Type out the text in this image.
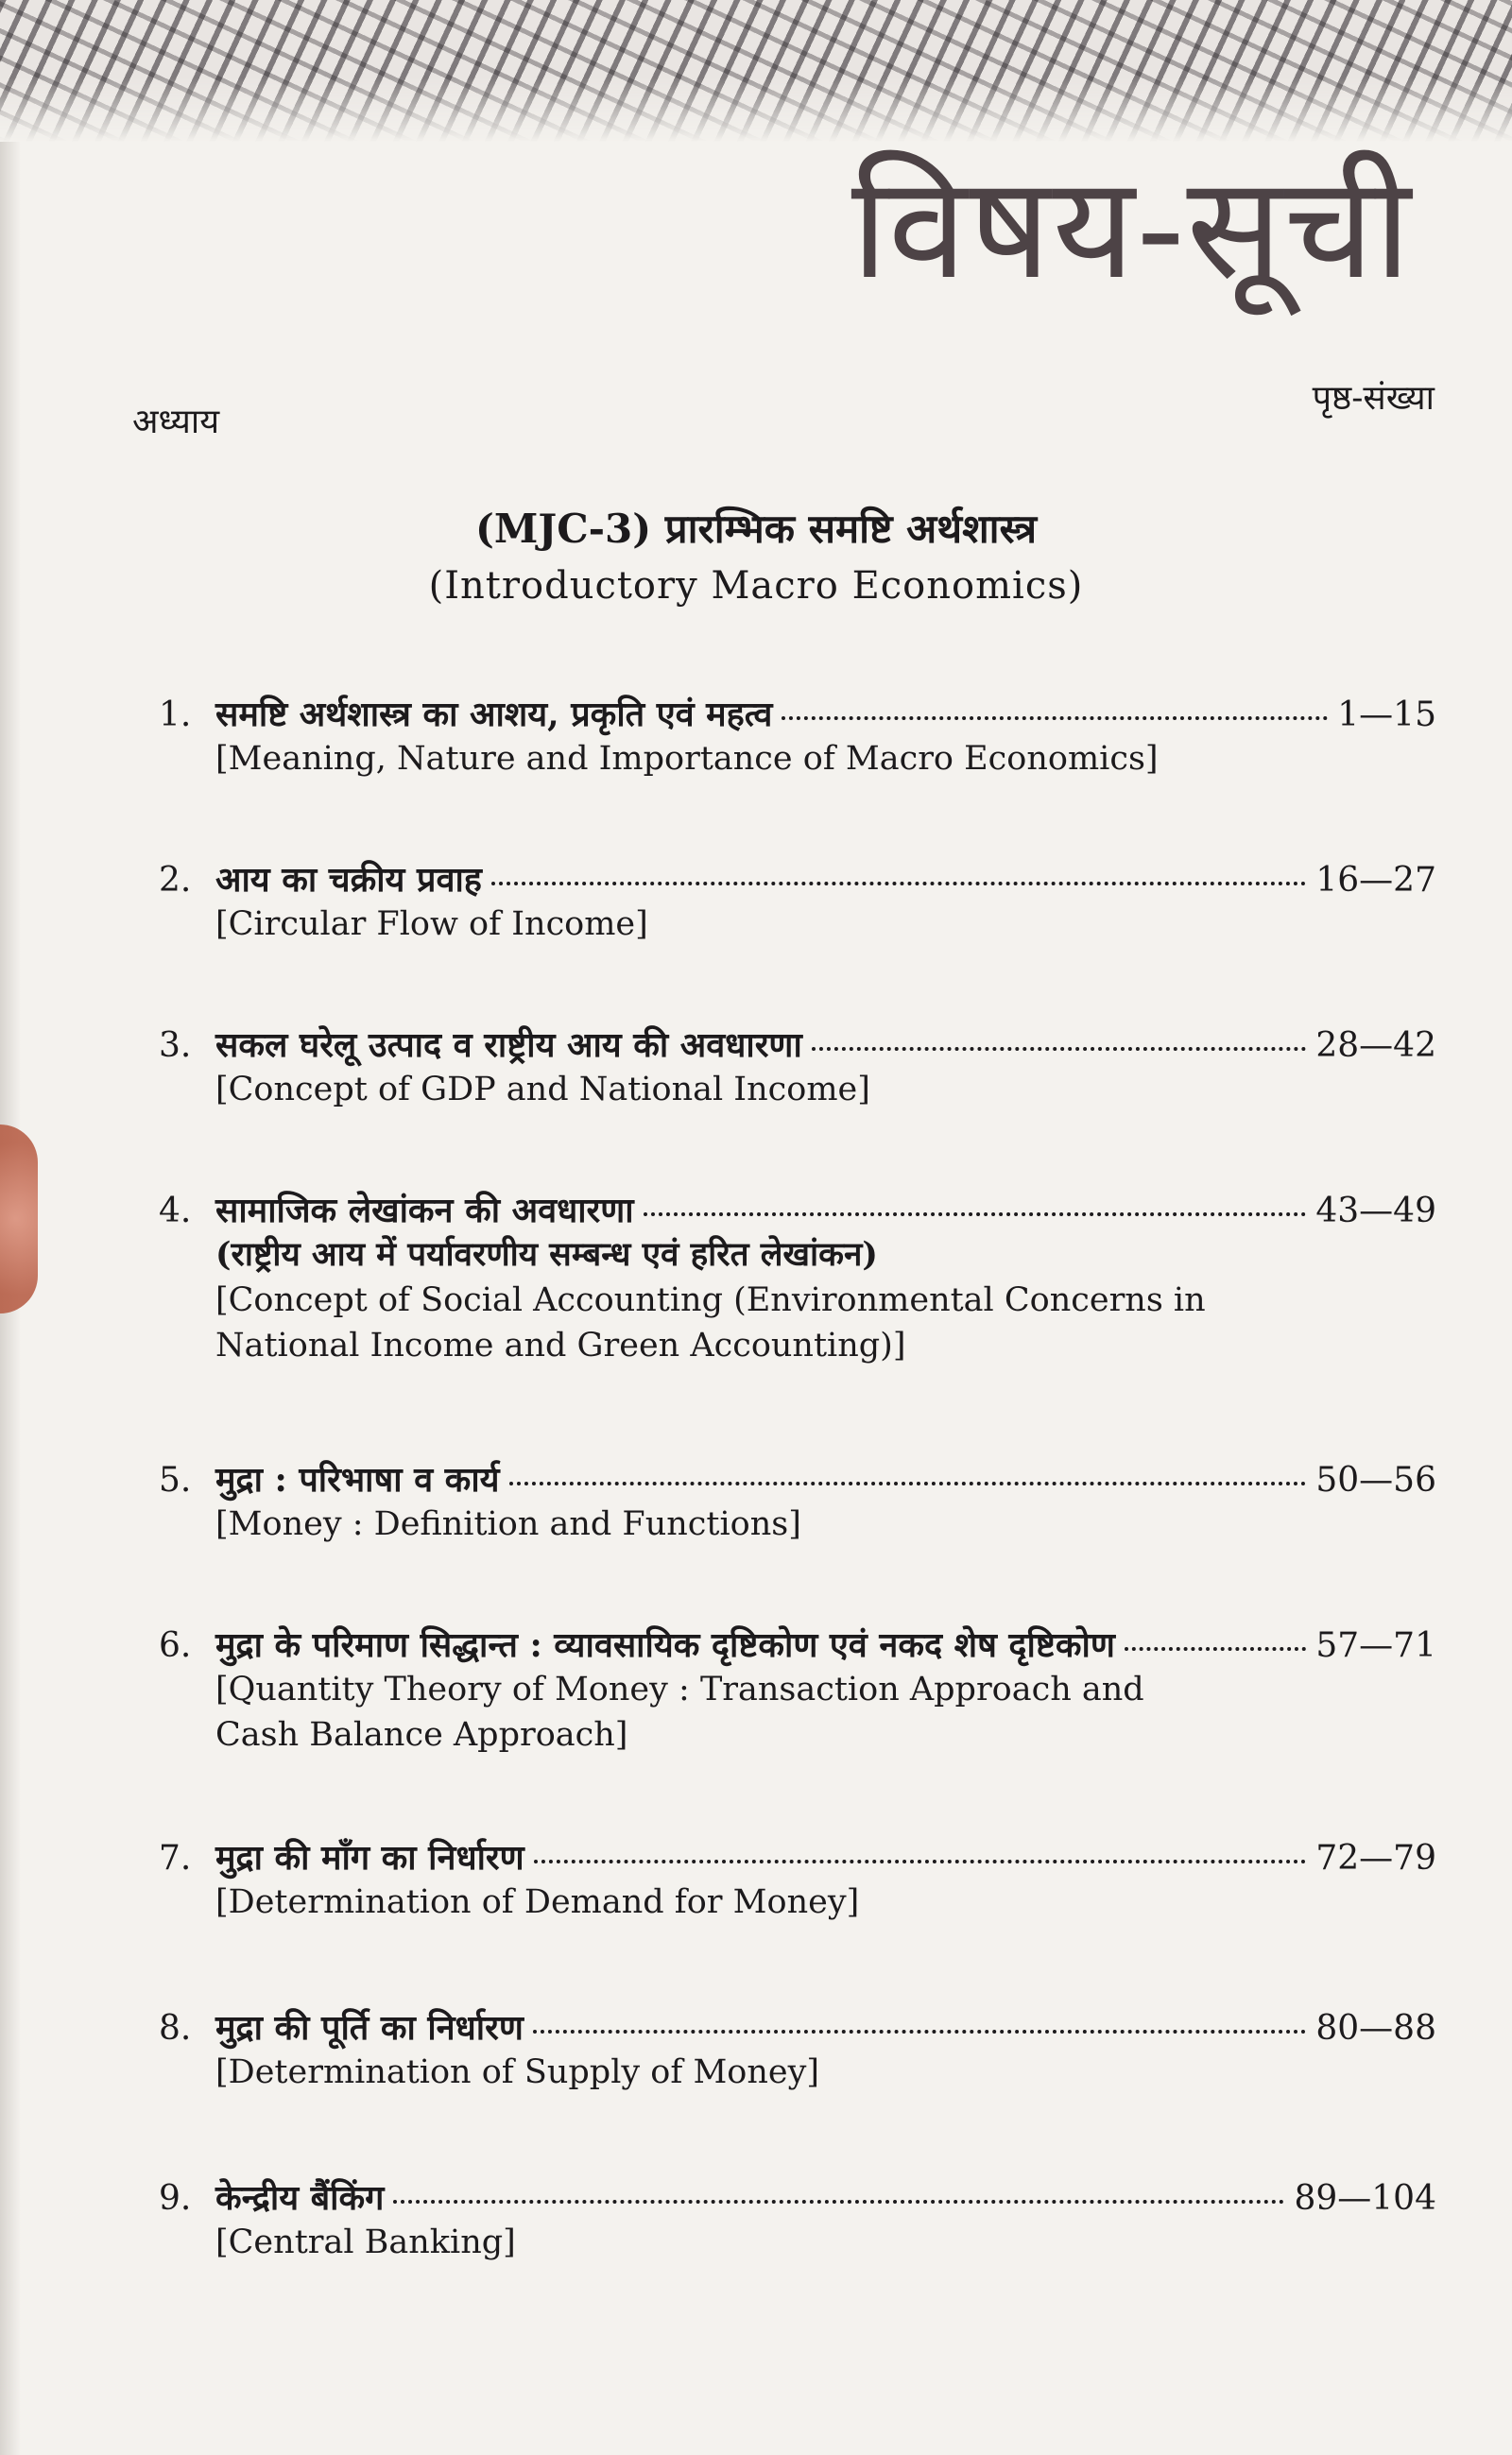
विषय-सूची
अध्याय
पृष्ठ-संख्या
(MJC-3) प्रारम्भिक समष्टि अर्थशास्त्र
(Introductory Macro Economics)
1. समष्टि अर्थशास्त्र का आशय, प्रकृति एवं महत्व	1—15
[Meaning, Nature and Importance of Macro Economics]
2. आय का चक्रीय प्रवाह	16—27
[Circular Flow of Income]
3. सकल घरेलू उत्पाद व राष्ट्रीय आय की अवधारणा	28—42
[Concept of GDP and National Income]
4. सामाजिक लेखांकन की अवधारणा	43—49
(राष्ट्रीय आय में पर्यावरणीय सम्बन्ध एवं हरित लेखांकन)
[Concept of Social Accounting (Environmental Concerns in
National Income and Green Accounting)]
5. मुद्रा : परिभाषा व कार्य	50—56
[Money : Definition and Functions]
6. मुद्रा के परिमाण सिद्धान्त : व्यावसायिक दृष्टिकोण एवं नकद शेष दृष्टिकोण	57—71
[Quantity Theory of Money : Transaction Approach and
Cash Balance Approach]
7. मुद्रा की माँग का निर्धारण	72—79
[Determination of Demand for Money]
8. मुद्रा की पूर्ति का निर्धारण	80—88
[Determination of Supply of Money]
9. केन्द्रीय बैंकिंग	89—104
[Central Banking]
